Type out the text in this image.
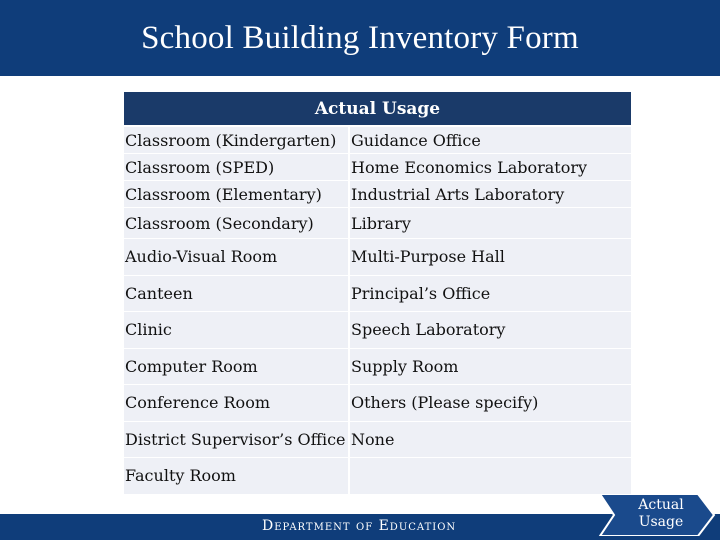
School Building Inventory Form
Actual Usage
Classroom (Kindergarten)		Guidance Office
Classroom (SPED)		Home Economics Laboratory
Classroom (Elementary)		Industrial Arts Laboratory
Classroom (Secondary)		Library
Audio-Visual Room		Multi-Purpose Hall
Canteen		Principal’s Office
Clinic		Speech Laboratory
Computer Room		Supply Room
Conference Room		Others (Please specify)
District Supervisor’s Office		None
Faculty Room		
Department of Education
Actual
Usage
